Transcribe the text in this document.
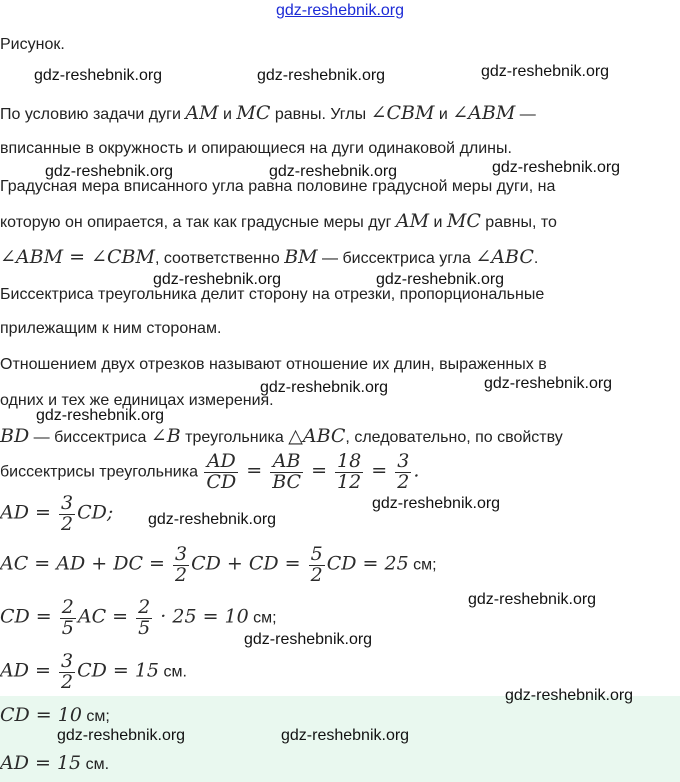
gdz-reshebnik.org
Рисунок.
По условию задачи дуги AM и MC равны. Углы ∠CBM и ∠ABM —
вписанные в окружность и опирающиеся на дуги одинаковой длины.
Градусная мера вписанного угла равна половине градусной меры дуги, на
которую он опирается, а так как градусные меры дуг AM и MC равны, то
∠ABM = ∠CBM, соответственно BM — биссектриса угла ∠ABC.
Биссектриса треугольника делит сторону на отрезки, пропорциональные
прилежащим к ним сторонам.
Отношением двух отрезков называют отношение их длин, выраженных в
одних и тех же единицах измерения.
BD — биссектриса ∠B треугольника △ABC, следовательно, по свойству
биссектрисы треугольника $\frac{AD}{CD} = \frac{AB}{BC} = \frac{18}{12} = \frac{3}{2}$ .
AD = $\frac{3}{2}$ CD;
AC = AD + DC = $\frac{3}{2}$ CD + CD = $\frac{5}{2}$ CD = 25 см;
CD = $\frac{2}{5}$ AC = $\frac{2}{5} \cdot 25 = 10$ см;
AD = $\frac{3}{2}$ CD = 15 см.
CD = 10 см;
AD = 15 см.
gdz-reshebnik.org	gdz-reshebnik.org	gdz-reshebnik.org
gdz-reshebnik.org	gdz-reshebnik.org	gdz-reshebnik.org
gdz-reshebnik.org	gdz-reshebnik.org
gdz-reshebnik.org	gdz-reshebnik.org
gdz-reshebnik.org
gdz-reshebnik.org
gdz-reshebnik.org
gdz-reshebnik.org
gdz-reshebnik.org
gdz-reshebnik.org
gdz-reshebnik.org	gdz-reshebnik.org
